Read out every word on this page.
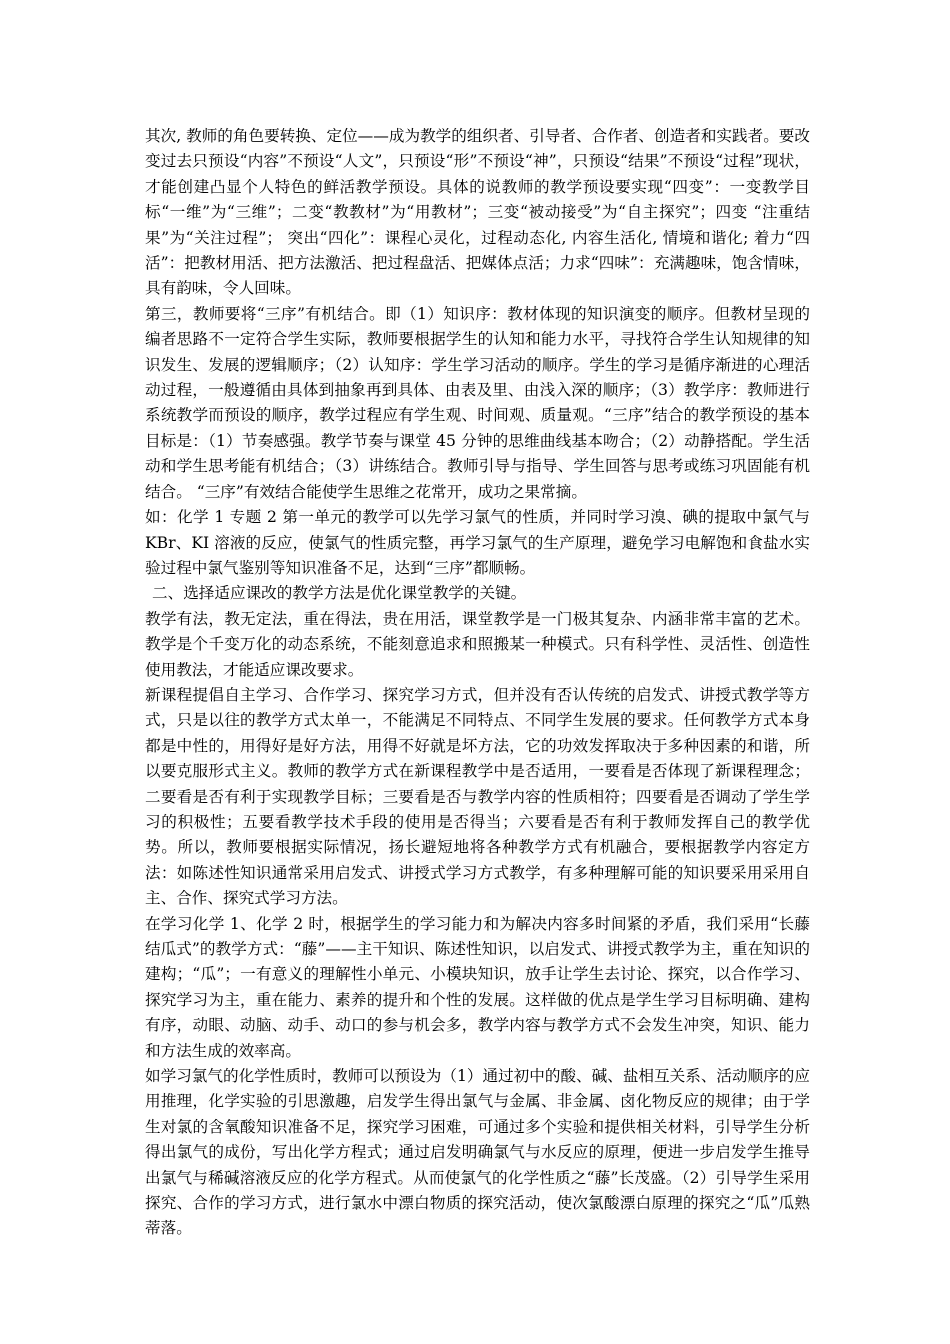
其次, 教师的角色要转换、定位——成为教学的组织者、引导者、合作者、创造者和实践者。要改变过去只预设“内容”不预设“人文”，只预设“形”不预设“神”，只预设“结果”不预设“过程”现状，才能创建凸显个人特色的鲜活教学预设。具体的说教师的教学预设要实现“四变”：一变教学目标“一维”为“三维”；二变“教教材”为“用教材”；三变“被动接受”为“自主探究”；四变 “注重结果”为“关注过程”； 突出“四化”：课程心灵化，过程动态化, 内容生活化, 情境和谐化; 着力“四活”：把教材用活、把方法激活、把过程盘活、把媒体点活；力求“四味”：充满趣味，饱含情味，具有韵味，令人回味。

第三，教师要将“三序”有机结合。即（1）知识序：教材体现的知识演变的顺序。但教材呈现的编者思路不一定符合学生实际，教师要根据学生的认知和能力水平，寻找符合学生认知规律的知识发生、发展的逻辑顺序；（2）认知序：学生学习活动的顺序。学生的学习是循序渐进的心理活动过程，一般遵循由具体到抽象再到具体、由表及里、由浅入深的顺序；（3）教学序：教师进行系统教学而预设的顺序，教学过程应有学生观、时间观、质量观。“三序”结合的教学预设的基本目标是：（1）节奏感强。教学节奏与课堂 45 分钟的思维曲线基本吻合；（2）动静搭配。学生活动和学生思考能有机结合；（3）讲练结合。教师引导与指导、学生回答与思考或练习巩固能有机结合。 “三序”有效结合能使学生思维之花常开，成功之果常摘。

如：化学 1 专题 2 第一单元的教学可以先学习氯气的性质，并同时学习溴、碘的提取中氯气与 KBr、KI 溶液的反应，使氯气的性质完整，再学习氯气的生产原理，避免学习电解饱和食盐水实验过程中氯气鉴别等知识准备不足，达到“三序”都顺畅。

二、选择适应课改的教学方法是优化课堂教学的关键。

教学有法，教无定法，重在得法，贵在用活，课堂教学是一门极其复杂、内涵非常丰富的艺术。教学是个千变万化的动态系统，不能刻意追求和照搬某一种模式。只有科学性、灵活性、创造性使用教法，才能适应课改要求。

新课程提倡自主学习、合作学习、探究学习方式，但并没有否认传统的启发式、讲授式教学等方式，只是以往的教学方式太单一，不能满足不同特点、不同学生发展的要求。任何教学方式本身都是中性的，用得好是好方法，用得不好就是坏方法，它的功效发挥取决于多种因素的和谐，所以要克服形式主义。教师的教学方式在新课程教学中是否适用，一要看是否体现了新课程理念；二要看是否有利于实现教学目标；三要看是否与教学内容的性质相符；四要看是否调动了学生学习的积极性；五要看教学技术手段的使用是否得当；六要看是否有利于教师发挥自己的教学优势。所以，教师要根据实际情况，扬长避短地将各种教学方式有机融合，要根据教学内容定方法：如陈述性知识通常采用启发式、讲授式学习方式教学，有多种理解可能的知识要采用采用自主、合作、探究式学习方法。

在学习化学 1、化学 2 时，根据学生的学习能力和为解决内容多时间紧的矛盾，我们采用“长藤结瓜式”的教学方式：“藤”——主干知识、陈述性知识，以启发式、讲授式教学为主，重在知识的建构；“瓜”；一有意义的理解性小单元、小模块知识，放手让学生去讨论、探究，以合作学习、探究学习为主，重在能力、素养的提升和个性的发展。这样做的优点是学生学习目标明确、建构有序，动眼、动脑、动手、动口的参与机会多，教学内容与教学方式不会发生冲突，知识、能力和方法生成的效率高。

如学习氯气的化学性质时，教师可以预设为（1）通过初中的酸、碱、盐相互关系、活动顺序的应用推理，化学实验的引思激趣，启发学生得出氯气与金属、非金属、卤化物反应的规律；由于学生对氯的含氧酸知识准备不足，探究学习困难，可通过多个实验和提供相关材料，引导学生分析得出氯气的成份，写出化学方程式；通过启发明确氯气与水反应的原理，便进一步启发学生推导出氯气与稀碱溶液反应的化学方程式。从而使氯气的化学性质之“藤”长茂盛。（2）引导学生采用探究、合作的学习方式，进行氯水中漂白物质的探究活动，使次氯酸漂白原理的探究之“瓜”瓜熟蒂落。
